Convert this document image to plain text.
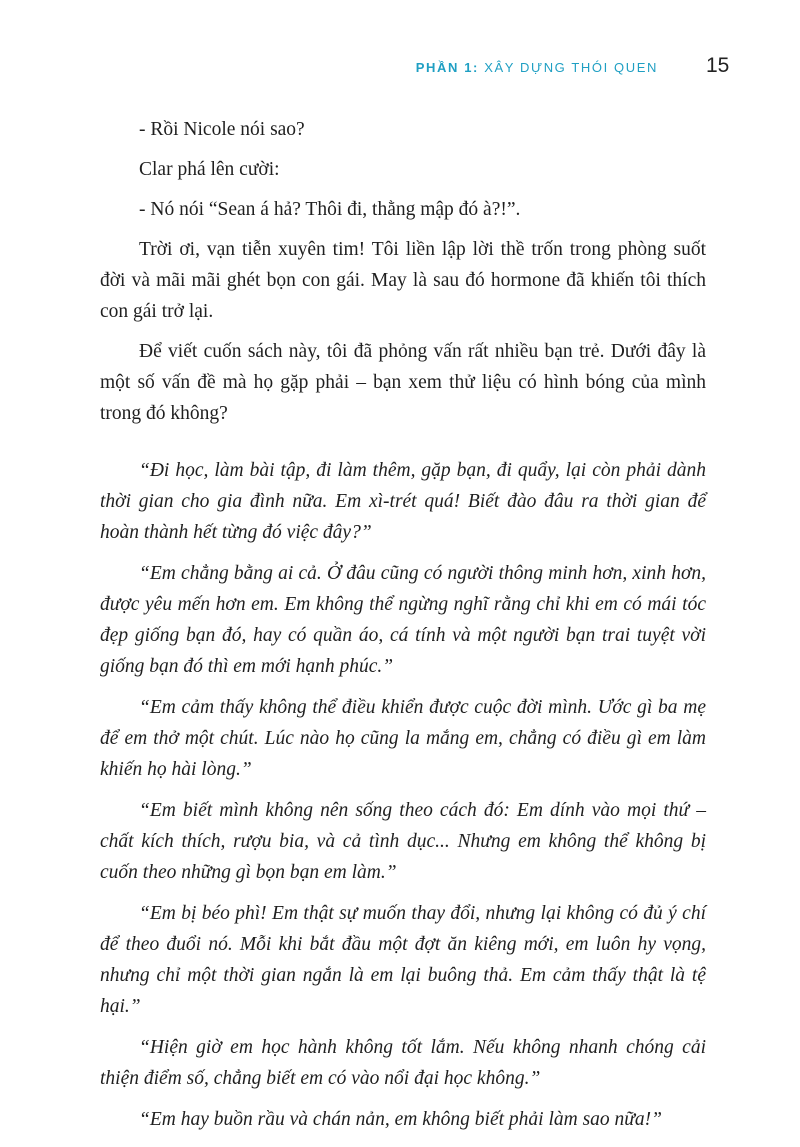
PHẦN 1: XÂY DỰNG THÓI QUEN 15

- Rồi Nicole nói sao?

Clar phá lên cười:

- Nó nói “Sean á hả? Thôi đi, thằng mập đó à?!”.

Trời ơi, vạn tiễn xuyên tim! Tôi liền lập lời thề trốn trong phòng suốt đời và mãi mãi ghét bọn con gái. May là sau đó hormone đã khiến tôi thích con gái trở lại.

Để viết cuốn sách này, tôi đã phỏng vấn rất nhiều bạn trẻ. Dưới đây là một số vấn đề mà họ gặp phải – bạn xem thử liệu có hình bóng của mình trong đó không?

“Đi học, làm bài tập, đi làm thêm, gặp bạn, đi quẩy, lại còn phải dành thời gian cho gia đình nữa. Em xì-trét quá! Biết đào đâu ra thời gian để hoàn thành hết từng đó việc đây?”

“Em chẳng bằng ai cả. Ở đâu cũng có người thông minh hơn, xinh hơn, được yêu mến hơn em. Em không thể ngừng nghĩ rằng chỉ khi em có mái tóc đẹp giống bạn đó, hay có quần áo, cá tính và một người bạn trai tuyệt vời giống bạn đó thì em mới hạnh phúc.”

“Em cảm thấy không thể điều khiển được cuộc đời mình. Ước gì ba mẹ để em thở một chút. Lúc nào họ cũng la mắng em, chẳng có điều gì em làm khiến họ hài lòng.”

“Em biết mình không nên sống theo cách đó: Em dính vào mọi thứ – chất kích thích, rượu bia, và cả tình dục... Nhưng em không thể không bị cuốn theo những gì bọn bạn em làm.”

“Em bị béo phì! Em thật sự muốn thay đổi, nhưng lại không có đủ ý chí để theo đuổi nó. Mỗi khi bắt đầu một đợt ăn kiêng mới, em luôn hy vọng, nhưng chỉ một thời gian ngắn là em lại buông thả. Em cảm thấy thật là tệ hại.”

“Hiện giờ em học hành không tốt lắm. Nếu không nhanh chóng cải thiện điểm số, chẳng biết em có vào nổi đại học không.”

“Em hay buồn rầu và chán nản, em không biết phải làm sao nữa!”
